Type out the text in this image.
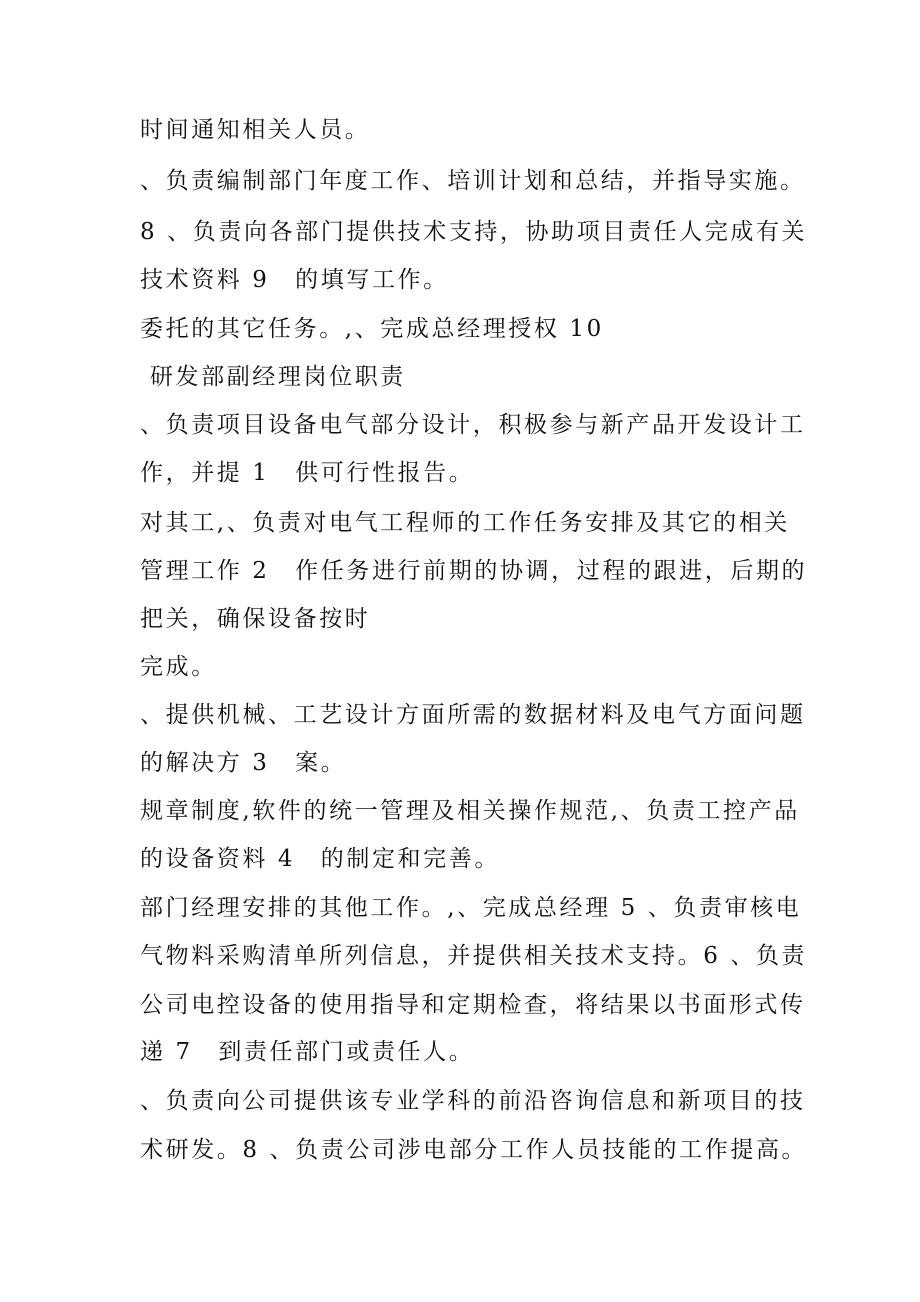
时间通知相关人员。
、负责编制部门年度工作、培训计划和总结，并指导实施。
8 、负责向各部门提供技术支持，协助项目责任人完成有关
技术资料 9　的填写工作。
委托的其它任务。,、完成总经理授权 10
研发部副经理岗位职责
、负责项目设备电气部分设计，积极参与新产品开发设计工
作，并提 1　供可行性报告。
对其工,、负责对电气工程师的工作任务安排及其它的相关
管理工作 2　作任务进行前期的协调，过程的跟进，后期的
把关，确保设备按时
完成。
、提供机械、工艺设计方面所需的数据材料及电气方面问题
的解决方 3　案。
规章制度,软件的统一管理及相关操作规范,、负责工控产品
的设备资料 4　的制定和完善。
部门经理安排的其他工作。,、完成总经理 5 、负责审核电
气物料采购清单所列信息，并提供相关技术支持。6 、负责
公司电控设备的使用指导和定期检查，将结果以书面形式传
递 7　到责任部门或责任人。
、负责向公司提供该专业学科的前沿咨询信息和新项目的技
术研发。8 、负责公司涉电部分工作人员技能的工作提高。
